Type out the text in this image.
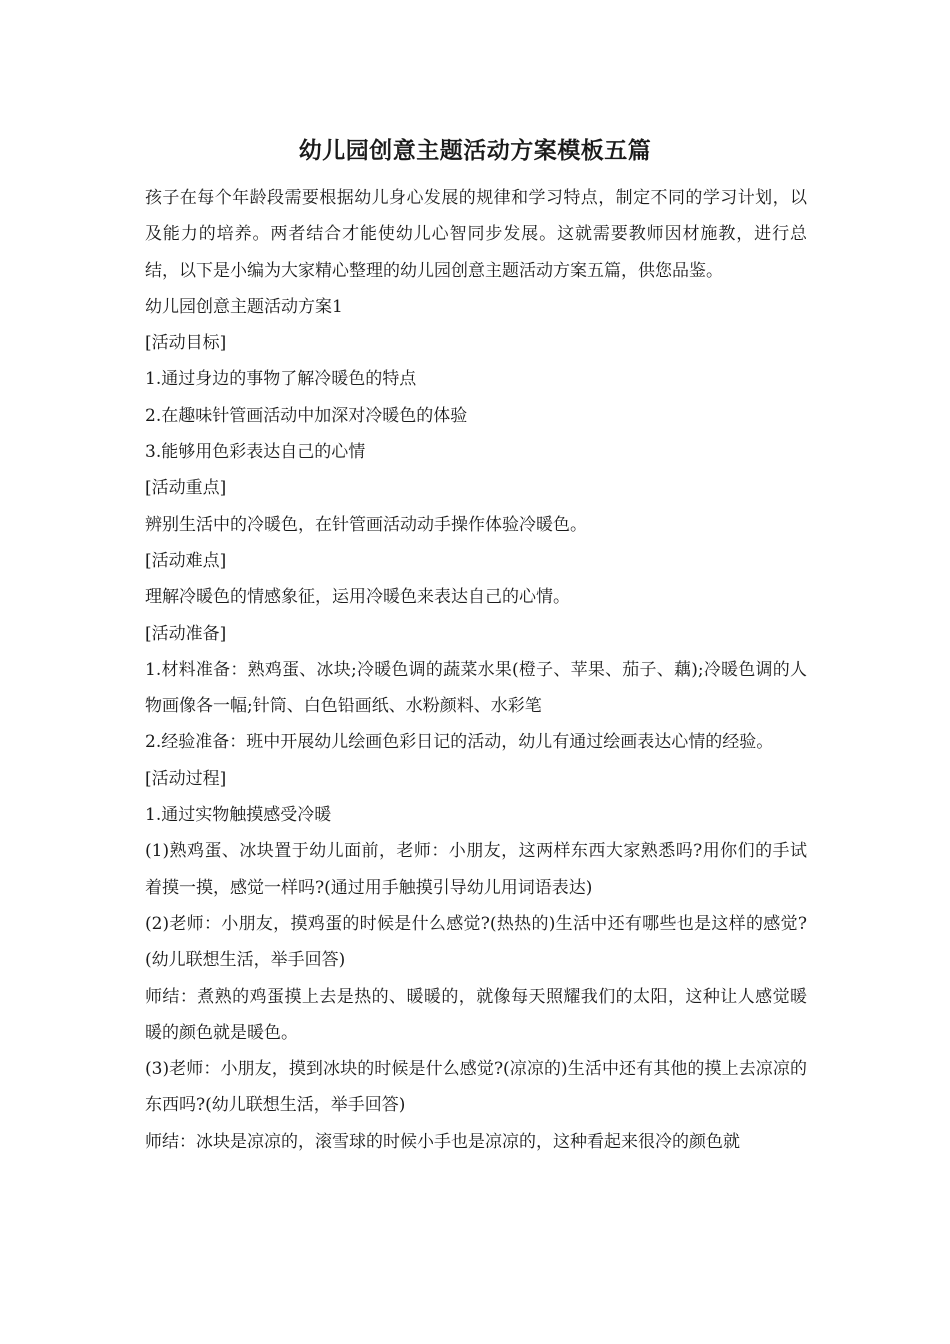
幼儿园创意主题活动方案模板五篇

孩子在每个年龄段需要根据幼儿身心发展的规律和学习特点，制定不同的学习计划，以及能力的培养。两者结合才能使幼儿心智同步发展。这就需要教师因材施教，进行总结，以下是小编为大家精心整理的幼儿园创意主题活动方案五篇，供您品鉴。

幼儿园创意主题活动方案1

[活动目标]

1.通过身边的事物了解冷暖色的特点

2.在趣味针管画活动中加深对冷暖色的体验

3.能够用色彩表达自己的心情

[活动重点]

辨别生活中的冷暖色，在针管画活动动手操作体验冷暖色。

[活动难点]

理解冷暖色的情感象征，运用冷暖色来表达自己的心情。

[活动准备]

1.材料准备：熟鸡蛋、冰块;冷暖色调的蔬菜水果(橙子、苹果、茄子、藕);冷暖色调的人物画像各一幅;针筒、白色铅画纸、水粉颜料、水彩笔

2.经验准备：班中开展幼儿绘画色彩日记的活动，幼儿有通过绘画表达心情的经验。

[活动过程]

1.通过实物触摸感受冷暖

(1)熟鸡蛋、冰块置于幼儿面前，老师：小朋友，这两样东西大家熟悉吗?用你们的手试着摸一摸，感觉一样吗?(通过用手触摸引导幼儿用词语表达)

(2)老师：小朋友，摸鸡蛋的时候是什么感觉?(热热的)生活中还有哪些也是这样的感觉?(幼儿联想生活，举手回答)

师结：煮熟的鸡蛋摸上去是热的、暖暖的，就像每天照耀我们的太阳，这种让人感觉暖暖的颜色就是暖色。

(3)老师：小朋友，摸到冰块的时候是什么感觉?(凉凉的)生活中还有其他的摸上去凉凉的东西吗?(幼儿联想生活，举手回答)

师结：冰块是凉凉的，滚雪球的时候小手也是凉凉的，这种看起来很冷的颜色就
